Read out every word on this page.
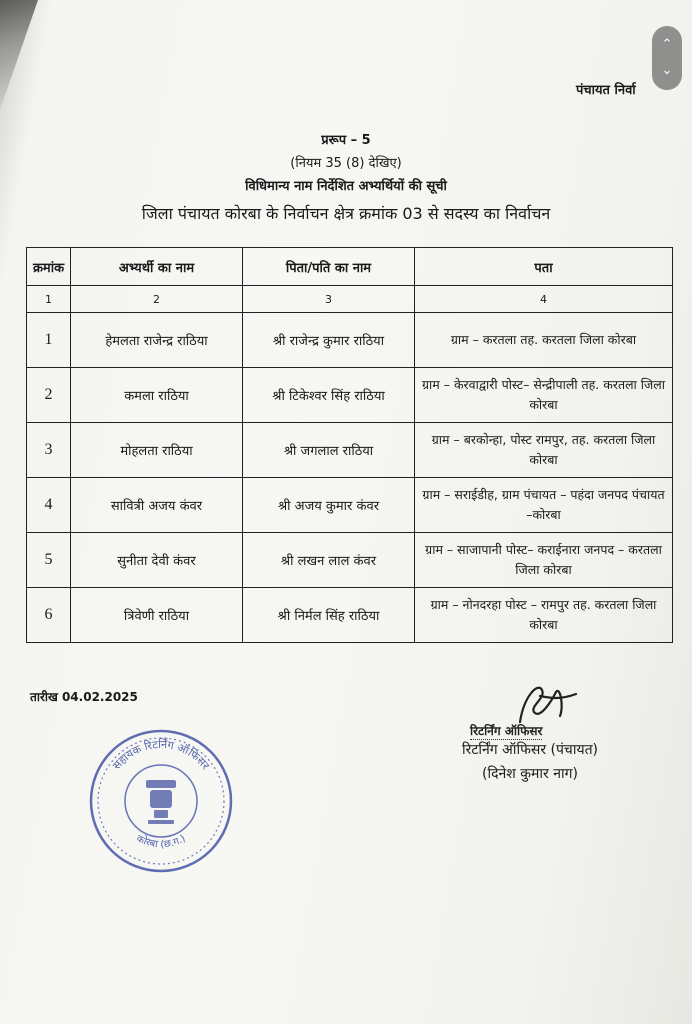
⌃
⌄
पंचायत निर्वा
प्ररूप – 5
(नियम 35 (8) देखिए)
विधिमान्य नाम निर्देशित अभ्यर्थियों की सूची
जिला पंचायत कोरबा के निर्वाचन क्षेत्र क्रमांक 03 से सदस्य का निर्वाचन
क्रमांक	अभ्यर्थी का नाम	पिता/पति का नाम	पता
1	2	3	4
1	हेमलता राजेन्द्र राठिया	श्री राजेन्द्र कुमार राठिया	ग्राम – करतला तह. करतला जिला कोरबा
2	कमला राठिया	श्री टिकेश्वर सिंह राठिया	ग्राम – केरवाद्वारी पोस्ट– सेन्द्रीपाली तह. करतला जिला कोरबा
3	मोहलता राठिया	श्री जगलाल राठिया	ग्राम – बरकोन्हा, पोस्ट रामपुर, तह. करतला जिला कोरबा
4	सावित्री अजय कंवर	श्री अजय कुमार कंवर	ग्राम – सराईडीह, ग्राम पंचायत – पहंदा जनपद पंचायत –कोरबा
5	सुनीता देवी कंवर	श्री लखन लाल कंवर	ग्राम – साजापानी पोस्ट– कराईनारा जनपद – करतला जिला कोरबा
6	त्रिवेणी राठिया	श्री निर्मल सिंह राठिया	ग्राम – नोनदरहा पोस्ट – रामपुर तह. करतला जिला कोरबा
तारीख 04.02.2025
सहायक रिटर्निंग ऑफिसर
कोरबा (छ.ग.)
रिटर्निंग ऑफिसर
रिटर्निंग ऑफिसर (पंचायत)
(दिनेश कुमार नाग)
